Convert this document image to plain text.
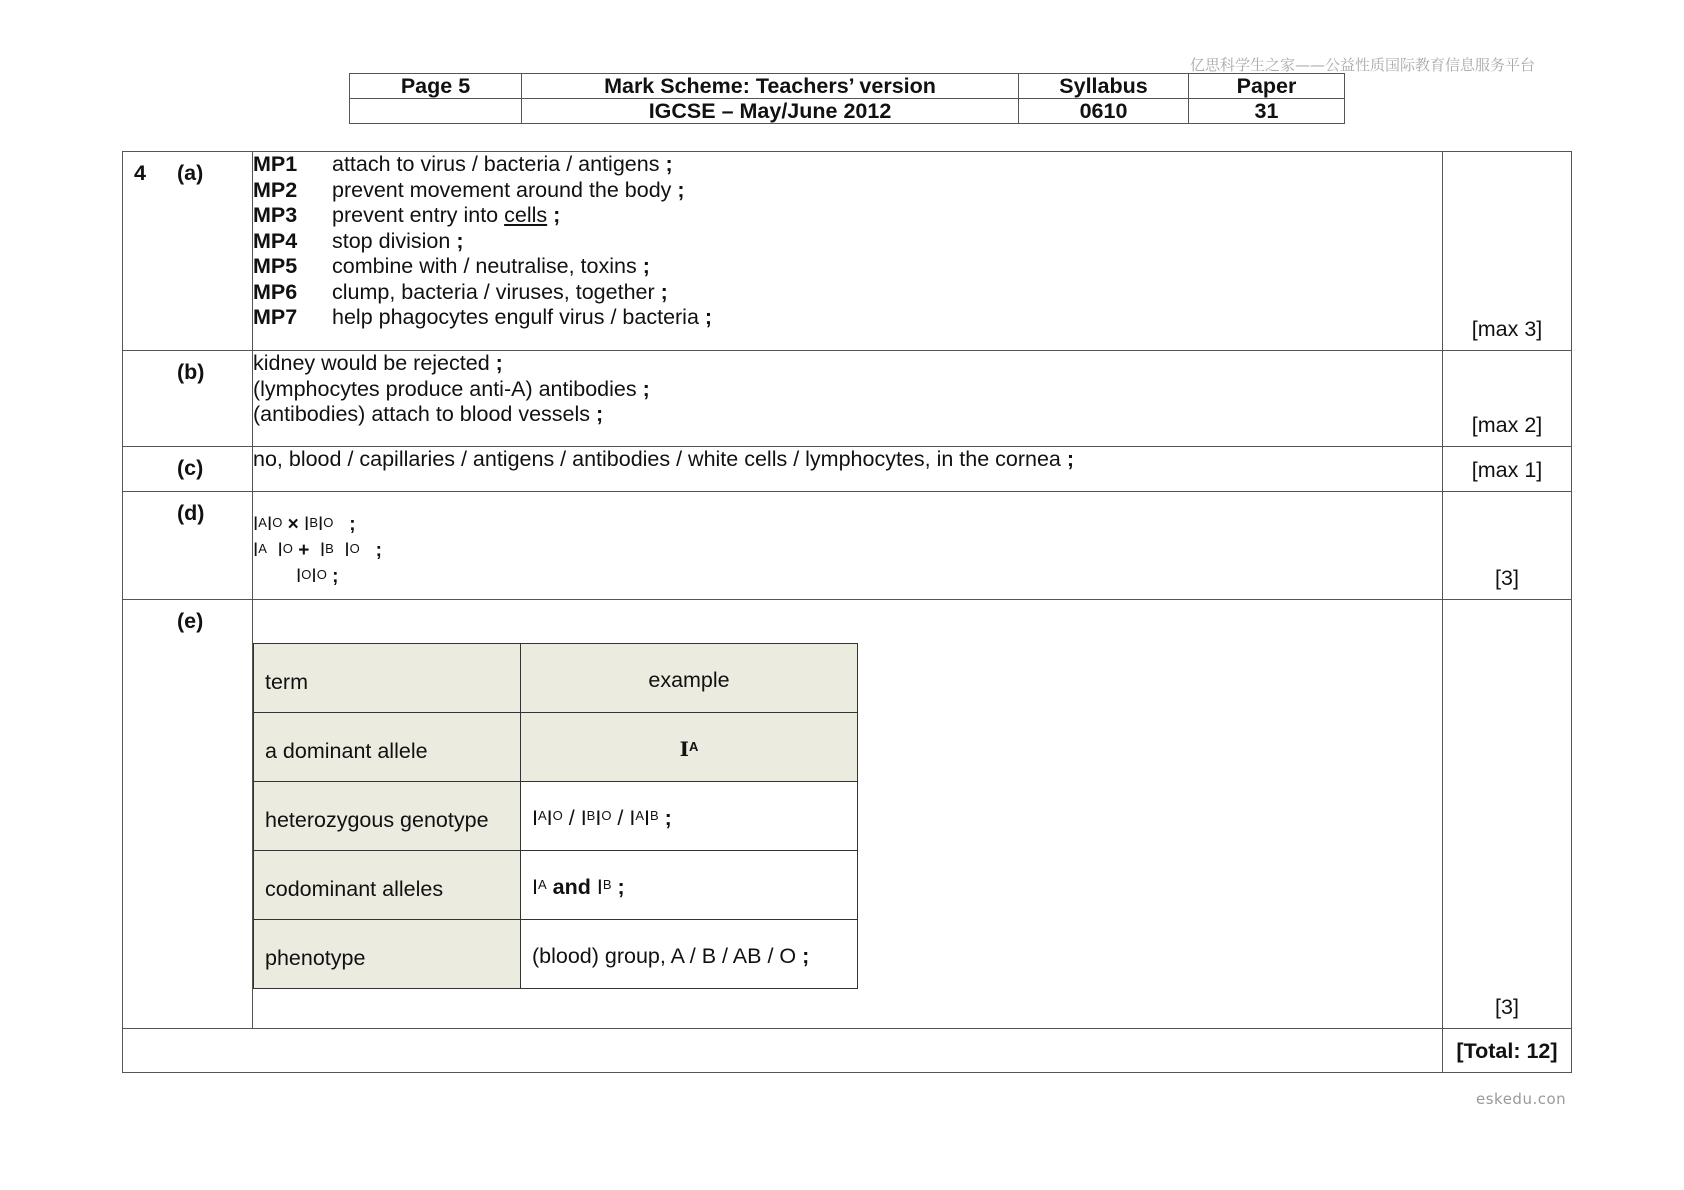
亿思科学生之家——公益性质国际教育信息服务平台
Page 5	Mark Scheme: Teachers’ version	Syllabus	Paper
	IGCSE – May/June 2012	0610	31
4 (a)	MP1	attach to virus / bacteria / antigens
;
MP2	prevent movement around the body
;
MP3	prevent entry into cells
;
MP4	stop division
;
MP5	combine with / neutralise, toxins
;
MP6	clump, bacteria / viruses, together
;
MP7	help phagocytes engulf virus / bacteria
;	[max 3]

(b)	kidney would be rejected ;
(lymphocytes produce anti-A) antibodies ;
(antibodies) attach to blood vessels ;	[max 2]

(c)	no, blood / capillaries / antigens / antibodies / white cells / lymphocytes, in the cornea ;	[max 1]

(d)	$I^AI^O \times I^BI^O$ ;
$I^A$ $I^O + I^B$ $I^O$ ;
$I^OI^O$ ;	[3]

(e)

term	example
a dominant allele	$I^A$
heterozygous genotype	$I^AI^O / I^BI^O / I^AI^B$ ;
codominant alleles	$I^A$ and $I^B$ ;
phenotype	(blood) group, A / B / AB / O ;
	[3]
		[Total: 12]
eskedu.con
